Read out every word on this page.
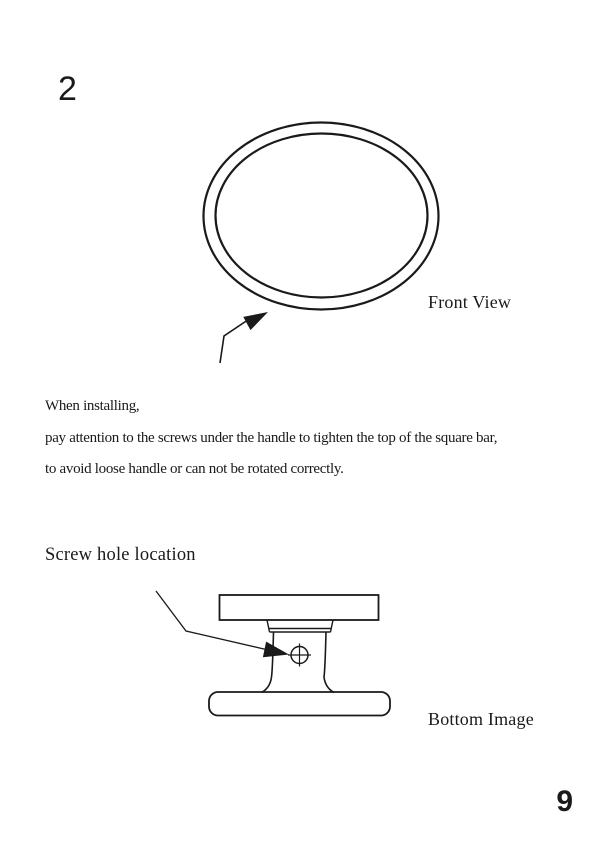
2
Front View
When installing,
pay attention to the screws under the handle to tighten the top of the square bar,
to avoid loose handle or can not be rotated correctly.
Screw hole location
Bottom Image
9
